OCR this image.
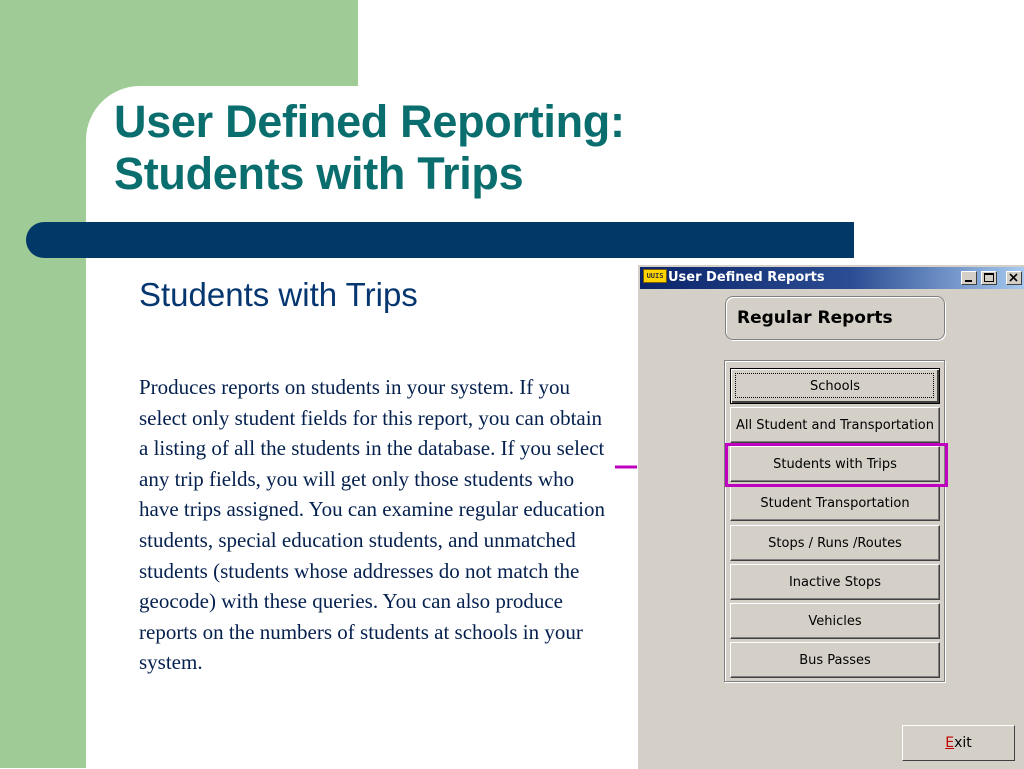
User Defined Reporting:
Students with Trips
Students with Trips

Produces reports on students in your system. If you select only student fields for this report, you can obtain a listing of all the students in the database. If you select any trip fields, you will get only those students who have trips assigned. You can examine regular education students, special education students, and unmatched students (students whose addresses do not match the geocode) with these queries. You can also produce reports on the numbers of students at schools in your system.

UUIS User Defined Reports
Regular Reports
Schools
All Student and Transportation
Students with Trips
Student Transportation
Stops / Runs /Routes
Inactive Stops
Vehicles
Bus Passes
E xit
